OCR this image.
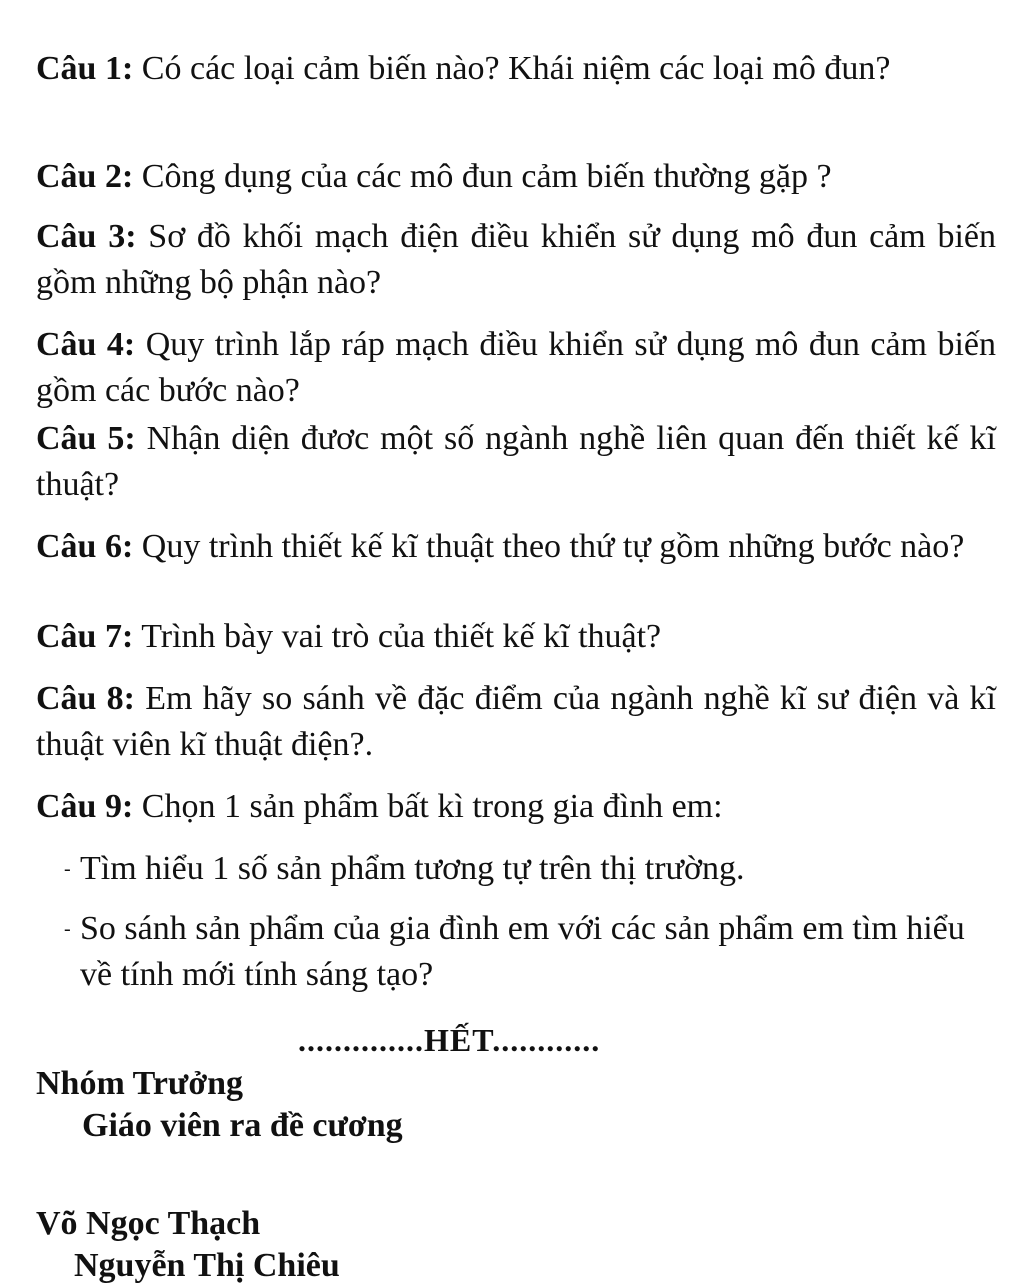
Câu 1: Có các loại cảm biến nào? Khái niệm các loại mô đun?
Câu 2: Công dụng của các mô đun cảm biến thường gặp ?
Câu 3: Sơ đồ khối mạch điện điều khiển sử dụng mô đun cảm biến gồm những bộ phận nào?
Câu 4: Quy trình lắp ráp mạch điều khiển sử dụng mô đun cảm biến gồm các bước nào?
Câu 5: Nhận diện đươc một số ngành nghề liên quan đến thiết kế kĩ thuật?
Câu 6: Quy trình thiết kế kĩ thuật theo thứ tự gồm những bước nào?
Câu 7: Trình bày vai trò của thiết kế kĩ thuật?
Câu 8: Em hãy so sánh về đặc điểm của ngành nghề kĩ sư điện và kĩ thuật viên kĩ thuật điện?.
Câu 9: Chọn 1 sản phẩm bất kì trong gia đình em:
- Tìm hiểu 1 số sản phẩm tương tự trên thị trường.
- So sánh sản phẩm của gia đình em với các sản phẩm em tìm hiểu về tính mới tính sáng tạo?
..............HẾT............
Nhóm Trưởng
Giáo viên ra đề cương
Võ Ngọc Thạch
Nguyễn Thị Chiêu
